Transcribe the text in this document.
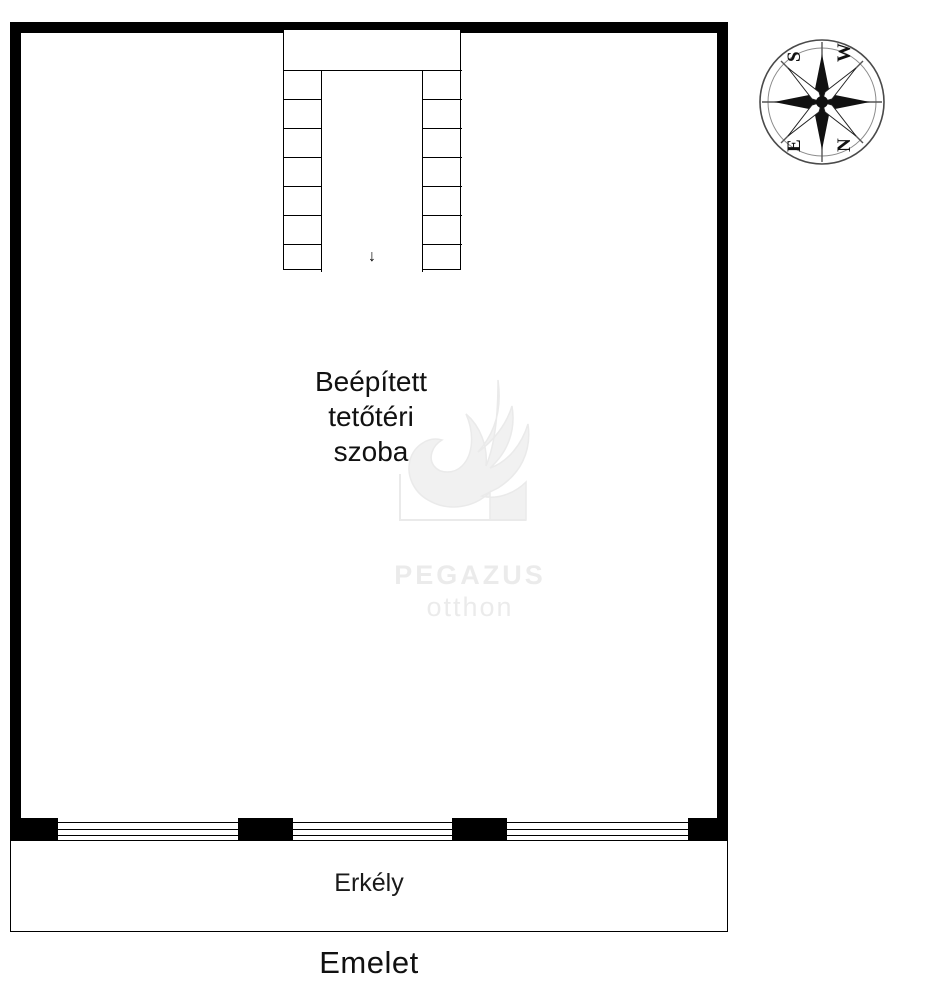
↓
Beépített
tetőtéri
szoba
PEGAZUS
otthon
Erkély
Emelet
S W
E N
